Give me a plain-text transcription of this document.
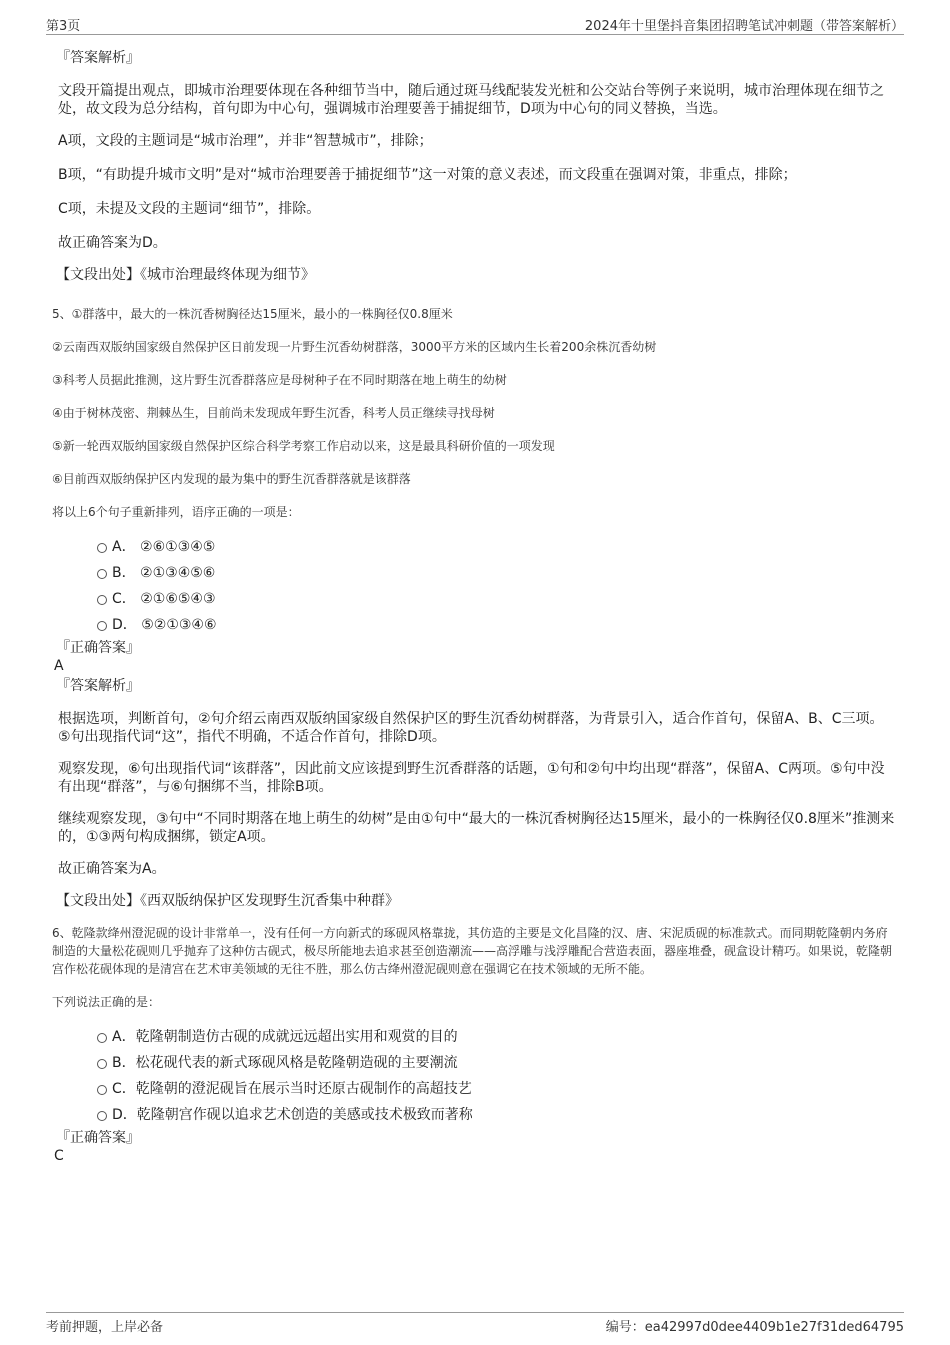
第3页	2024年十里堡抖音集团招聘笔试冲刺题（带答案解析）
『答案解析』
文段开篇提出观点，即城市治理要体现在各种细节当中，随后通过斑马线配装发光桩和公交站台等例子来说明，城市治理体现在细节之处，故文段为总分结构，首句即为中心句，强调城市治理要善于捕捉细节，D项为中心句的同义替换，当选。
A项，文段的主题词是“城市治理”，并非“智慧城市”，排除；
B项，“有助提升城市文明”是对“城市治理要善于捕捉细节”这一对策的意义表述，而文段重在强调对策，非重点，排除；
C项，未提及文段的主题词“细节”，排除。
故正确答案为D。
【文段出处】《城市治理最终体现为细节》
5、①群落中，最大的一株沉香树胸径达15厘米，最小的一株胸径仅0.8厘米
②云南西双版纳国家级自然保护区日前发现一片野生沉香幼树群落，3000平方米的区域内生长着200余株沉香幼树
③科考人员据此推测，这片野生沉香群落应是母树种子在不同时期落在地上萌生的幼树
④由于树林茂密、荆棘丛生，目前尚未发现成年野生沉香，科考人员正继续寻找母树
⑤新一轮西双版纳国家级自然保护区综合科学考察工作启动以来，这是最具科研价值的一项发现
⑥目前西双版纳保护区内发现的最为集中的野生沉香群落就是该群落
将以上6个句子重新排列，语序正确的一项是：
A． ②⑥①③④⑤
B． ②①③④⑤⑥
C． ②①⑥⑤④③
D． ⑤②①③④⑥
『正确答案』
A
『答案解析』
根据选项，判断首句，②句介绍云南西双版纳国家级自然保护区的野生沉香幼树群落，为背景引入，适合作首句，保留A、B、C三项。⑤句出现指代词“这”，指代不明确，不适合作首句，排除D项。
观察发现，⑥句出现指代词“该群落”，因此前文应该提到野生沉香群落的话题，①句和②句中均出现“群落”，保留A、C两项。⑤句中没有出现“群落”，与⑥句捆绑不当，排除B项。
继续观察发现，③句中“不同时期落在地上萌生的幼树”是由①句中“最大的一株沉香树胸径达15厘米，最小的一株胸径仅0.8厘米”推测来的，①③两句构成捆绑，锁定A项。
故正确答案为A。
【文段出处】《西双版纳保护区发现野生沉香集中种群》
6、乾隆款绛州澄泥砚的设计非常单一，没有任何一方向新式的琢砚风格靠拢，其仿造的主要是文化昌隆的汉、唐、宋泥质砚的标准款式。而同期乾隆朝内务府制造的大量松花砚则几乎抛弃了这种仿古砚式，极尽所能地去追求甚至创造潮流——高浮雕与浅浮雕配合营造表面，器座堆叠，砚盒设计精巧。如果说，乾隆朝宫作松花砚体现的是清宫在艺术审美领域的无往不胜，那么仿古绛州澄泥砚则意在强调它在技术领域的无所不能。
下列说法正确的是：
A．乾隆朝制造仿古砚的成就远远超出实用和观赏的目的
B．松花砚代表的新式琢砚风格是乾隆朝造砚的主要潮流
C．乾隆朝的澄泥砚旨在展示当时还原古砚制作的高超技艺
D．乾隆朝宫作砚以追求艺术创造的美感或技术极致而著称
『正确答案』
C
考前押题，上岸必备	编号：ea42997d0dee4409b1e27f31ded64795
